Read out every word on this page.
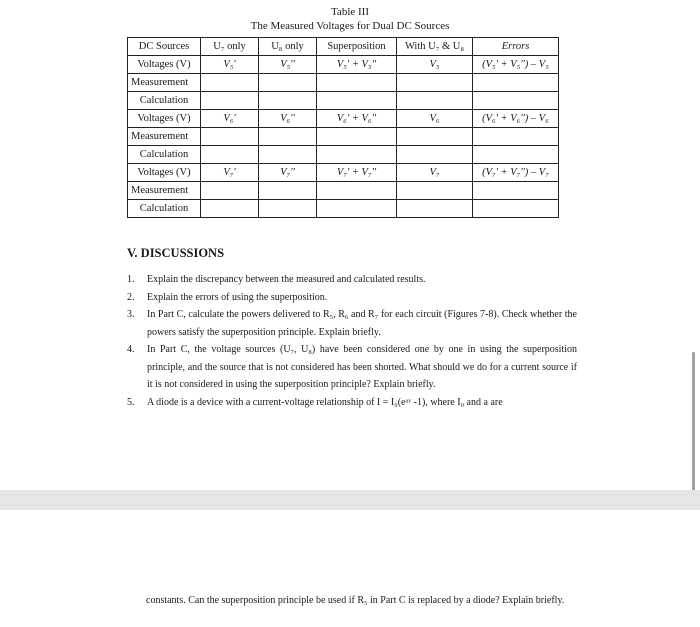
Table III
The Measured Voltages for Dual DC Sources
DC Sources	U₇ only	U₈ only	Superposition	With U₇ & U₈	Errors
Voltages (V)	V₅'	V₅''	V₅' + V₅''	V₅	(V₅' + V₅'') – V₅
Measurement					
Calculation					
Voltages (V)	V₆'	V₆''	V₆' + V₆''	V₆	(V₆' + V₆'') – V₆
Measurement					
Calculation					
Voltages (V)	V₇'	V₇''	V₇' + V₇''	V₇	(V₇' + V₇'') – V₇
Measurement					
Calculation					
V. DISCUSSIONS
1. Explain the discrepancy between the measured and calculated results.
2. Explain the errors of using the superposition.
3. In Part C, calculate the powers delivered to R₅, R₆ and R₇ for each circuit (Figures 7-8). Check whether the powers satisfy the superposition principle. Explain briefly.
4. In Part C, the voltage sources (U₇, U₈) have been considered one by one in using the superposition principle, and the source that is not considered has been shorted. What should we do for a current source if it is not considered in using the superposition principle? Explain briefly.
5. A diode is a device with a current-voltage relationship of I = I₀(eᵃᵛ -1), where I₀ and a are

constants. Can the superposition principle be used if R₅ in Part C is replaced by a diode? Explain briefly.
